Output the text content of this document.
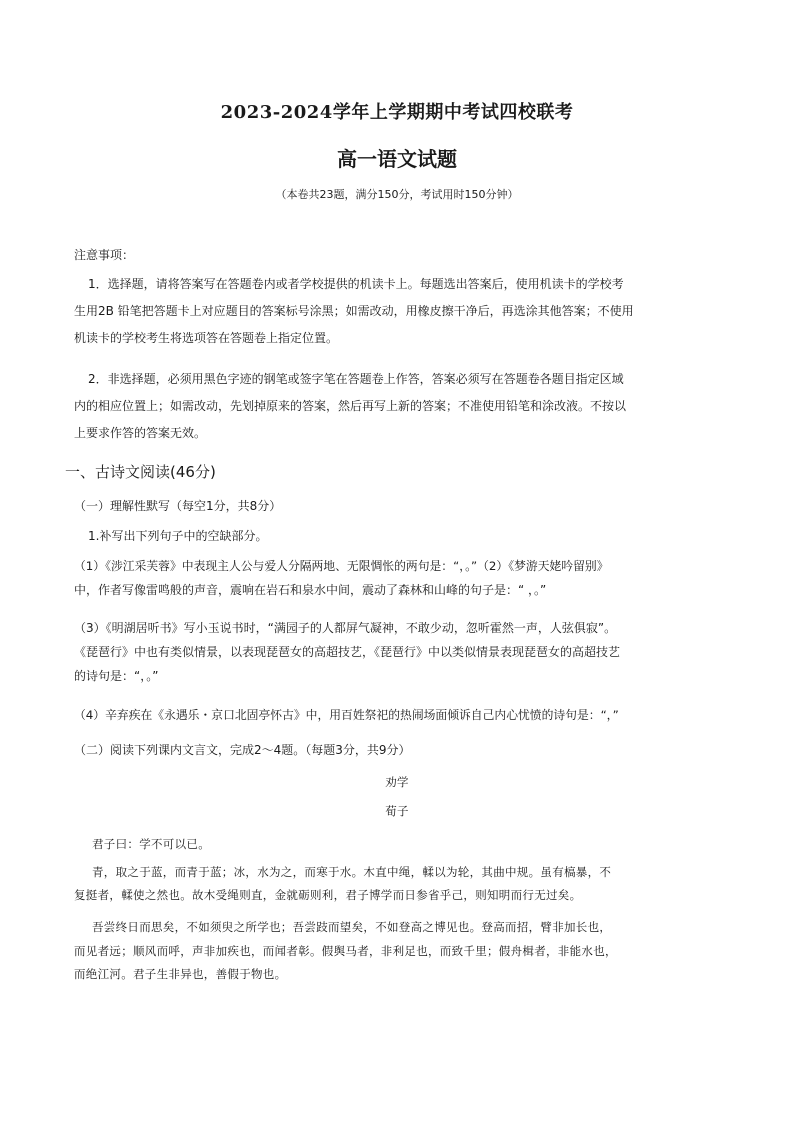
2023-2024学年上学期期中考试四校联考
高一语文试题
（本卷共23题，满分150分，考试用时150分钟）
注意事项：
1．选择题，请将答案写在答题卷内或者学校提供的机读卡上。每题选出答案后，使用机读卡的学校考
生用2B 铅笔把答题卡上对应题目的答案标号涂黑；如需改动，用橡皮擦干净后，再选涂其他答案；不使用
机读卡的学校考生将选项答在答题卷上指定位置。
2．非选择题，必须用黑色字迹的钢笔或签字笔在答题卷上作答，答案必须写在答题卷各题目指定区域
内的相应位置上；如需改动，先划掉原来的答案，然后再写上新的答案；不准使用铅笔和涂改液。不按以
上要求作答的答案无效。
一、古诗文阅读(46分)
（一）理解性默写（每空1分，共8分）
1.补写出下列句子中的空缺部分。
（1）《涉江采芙蓉》中表现主人公与爱人分隔两地、无限惆怅的两句是：“，。”（2）《梦游天姥吟留别》
中，作者写像雷鸣般的声音，震响在岩石和泉水中间，震动了森林和山峰的句子是：“ ，。”
（3）《明湖居听书》写小玉说书时，“满园子的人都屏气凝神，不敢少动，忽听霍然一声，人弦俱寂”。
《琵琶行》中也有类似情景，以表现琵琶女的高超技艺，《琵琶行》中以类似情景表现琵琶女的高超技艺
的诗句是：“，。”
（4）辛弃疾在《永遇乐・京口北固亭怀古》中，用百姓祭祀的热闹场面倾诉自己内心忧愤的诗句是：“，”
（二）阅读下列课内文言文，完成2～4题。（每题3分，共9分）
劝学
荀子
君子曰：学不可以已。
青，取之于蓝，而青于蓝；冰，水为之，而寒于水。木直中绳，輮以为轮，其曲中规。虽有槁暴，不
复挺者，輮使之然也。故木受绳则直，金就砺则利，君子博学而日参省乎己，则知明而行无过矣。
吾尝终日而思矣，不如须臾之所学也；吾尝跂而望矣，不如登高之博见也。登高而招，臂非加长也，
而见者远；顺风而呼，声非加疾也，而闻者彰。假舆马者，非利足也，而致千里；假舟楫者，非能水也，
而绝江河。君子生非异也，善假于物也。
